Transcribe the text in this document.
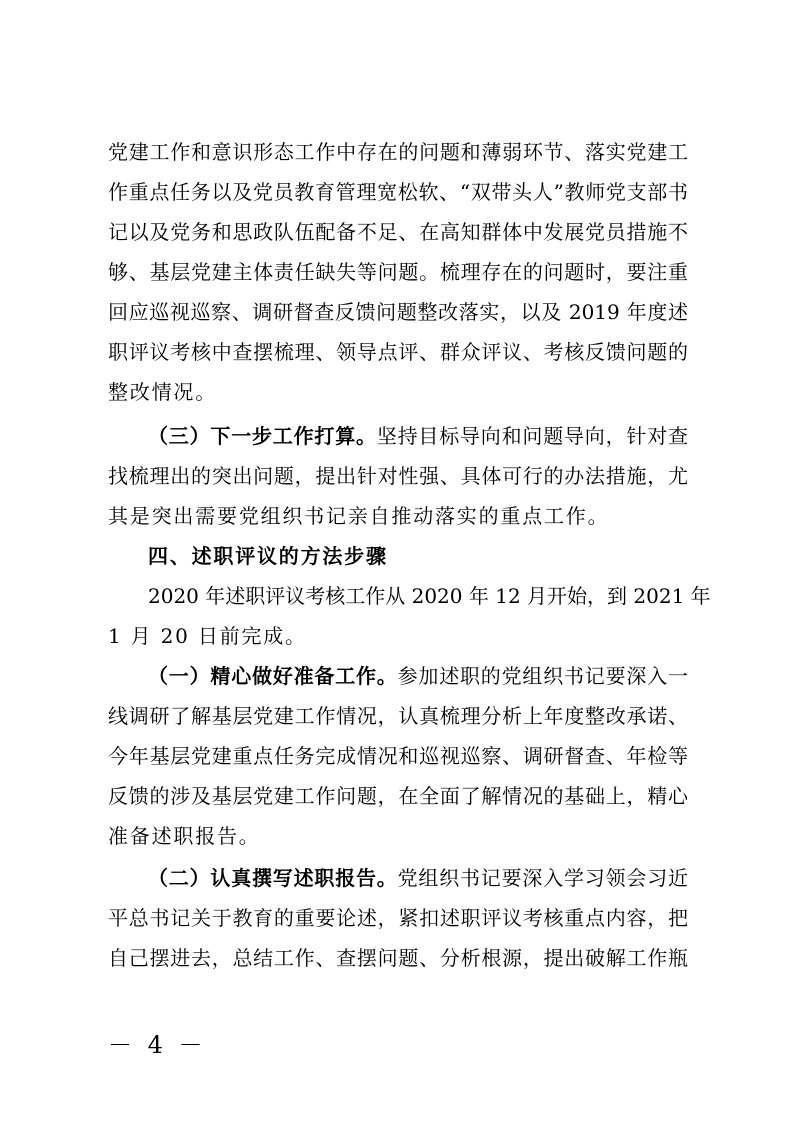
党建工作和意识形态工作中存在的问题和薄弱环节、落实党建工
作重点任务以及党员教育管理宽松软、“双带头人”教师党支部书
记以及党务和思政队伍配备不足、在高知群体中发展党员措施不
够、基层党建主体责任缺失等问题。梳理存在的问题时，要注重
回应巡视巡察、调研督查反馈问题整改落实，以及 2019 年度述
职评议考核中查摆梳理、领导点评、群众评议、考核反馈问题的
整改情况。
（三）下一步工作打算。坚持目标导向和问题导向，针对查
找梳理出的突出问题，提出针对性强、具体可行的办法措施，尤
其是突出需要党组织书记亲自推动落实的重点工作。
四、述职评议的方法步骤
2020 年述职评议考核工作从 2020 年 12 月开始，到 2021 年
1 月 20 日前完成。
（一）精心做好准备工作。参加述职的党组织书记要深入一
线调研了解基层党建工作情况，认真梳理分析上年度整改承诺、
今年基层党建重点任务完成情况和巡视巡察、调研督查、年检等
反馈的涉及基层党建工作问题，在全面了解情况的基础上，精心
准备述职报告。
（二）认真撰写述职报告。党组织书记要深入学习领会习近
平总书记关于教育的重要论述，紧扣述职评议考核重点内容，把
自己摆进去，总结工作、查摆问题、分析根源，提出破解工作瓶
－ 4 －
